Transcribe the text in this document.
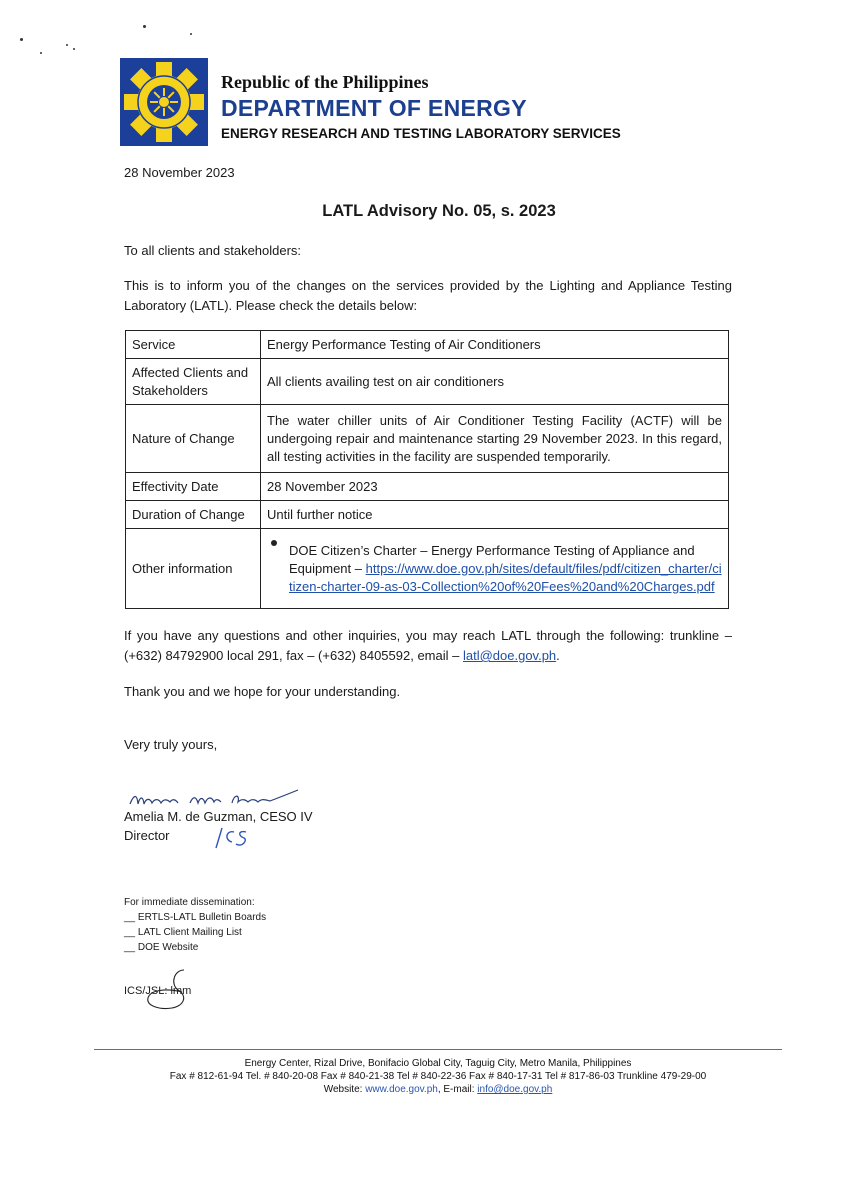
Republic of the Philippines
DEPARTMENT OF ENERGY
ENERGY RESEARCH AND TESTING LABORATORY SERVICES
28 November 2023
LATL Advisory No. 05, s. 2023
To all clients and stakeholders:
This is to inform you of the changes on the services provided by the Lighting and Appliance Testing Laboratory (LATL). Please check the details below:
Service	Energy Performance Testing of Air Conditioners
Affected Clients and Stakeholders	All clients availing test on air conditioners
Nature of Change	The water chiller units of Air Conditioner Testing Facility (ACTF) will be undergoing repair and maintenance starting 29 November 2023. In this regard, all testing activities in the facility are suspended temporarily.
Effectivity Date	28 November 2023
Duration of Change	Until further notice
Other information	DOE Citizen’s Charter – Energy Performance Testing of Appliance and Equipment – https://www.doe.gov.ph/sites/default/files/pdf/citizen_charter/citizen-charter-09-as-03-Collection%20of%20Fees%20and%20Charges.pdf
If you have any questions and other inquiries, you may reach LATL through the following: trunkline – (+632) 84792900 local 291, fax – (+632) 8405592, email – latl@doe.gov.ph.
Thank you and we hope for your understanding.
Very truly yours,
Amelia M. de Guzman, CESO IV
Director
For immediate dissemination:
__ ERTLS-LATL Bulletin Boards
__ LATL Client Mailing List
__ DOE Website
ICS/JSL: lmm
Energy Center, Rizal Drive, Bonifacio Global City, Taguig City, Metro Manila, Philippines
Fax # 812-61-94 Tel. # 840-20-08 Fax # 840-21-38 Tel # 840-22-36 Fax # 840-17-31 Tel # 817-86-03 Trunkline 479-29-00
Website: www.doe.gov.ph, E-mail: info@doe.gov.ph
